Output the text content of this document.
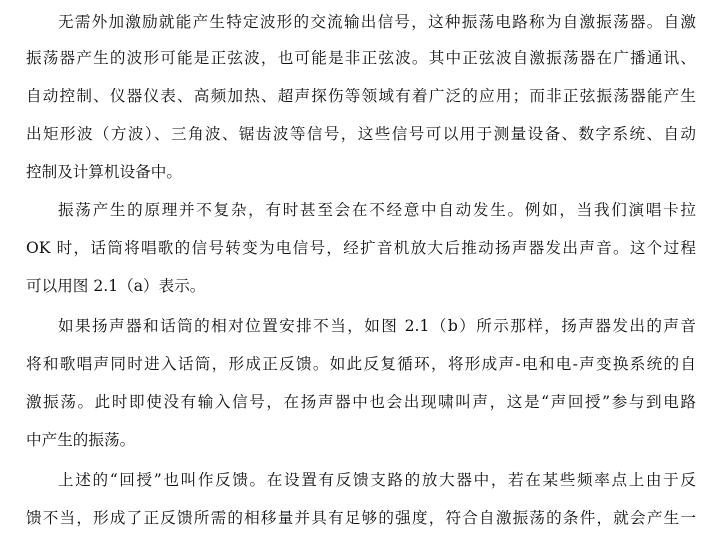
无需外加激励就能产生特定波形的交流输出信号，这种振荡电路称为自激振荡器。自激
振荡器产生的波形可能是正弦波，也可能是非正弦波。其中正弦波自激振荡器在广播通讯、
自动控制、仪器仪表、高频加热、超声探伤等领域有着广泛的应用；而非正弦振荡器能产生
出矩形波（方波）、三角波、锯齿波等信号，这些信号可以用于测量设备、数字系统、自动
控制及计算机设备中。
振荡产生的原理并不复杂，有时甚至会在不经意中自动发生。例如，当我们演唱卡拉
OK 时，话筒将唱歌的信号转变为电信号，经扩音机放大后推动扬声器发出声音。这个过程
可以用图 2.1（a）表示。
如果扬声器和话筒的相对位置安排不当，如图 2.1（b）所示那样，扬声器发出的声音
将和歌唱声同时进入话筒，形成正反馈。如此反复循环，将形成声-电和电-声变换系统的自
激振荡。此时即使没有输入信号，在扬声器中也会出现啸叫声，这是“声回授”参与到电路
中产生的振荡。
上述的“回授”也叫作反馈。在设置有反馈支路的放大器中，若在某些频率点上由于反
馈不当，形成了正反馈所需的相移量并具有足够的强度，符合自激振荡的条件，就会产生一
